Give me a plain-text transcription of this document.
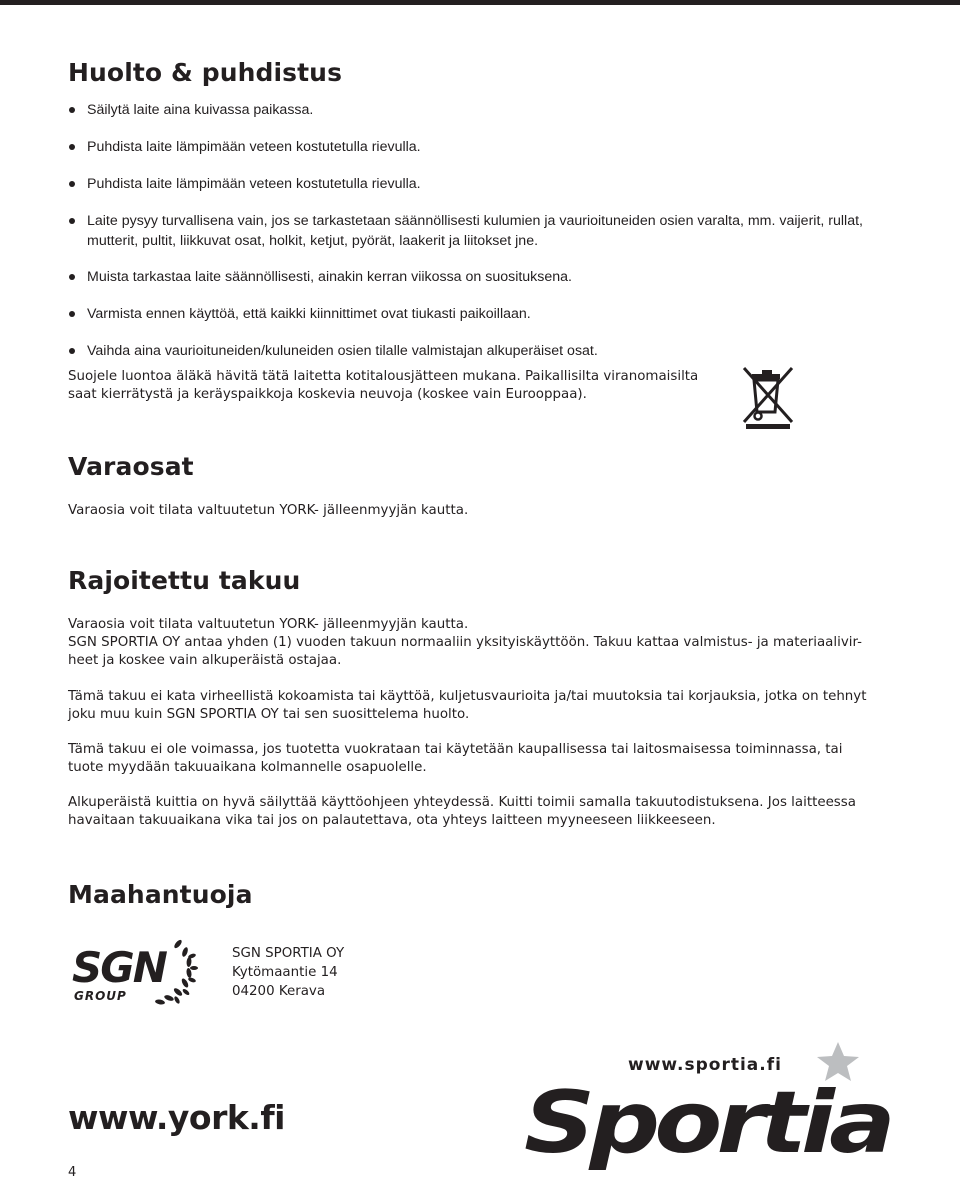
Huolto & puhdistus
Säilytä laite aina kuivassa paikassa.
Puhdista laite lämpimään veteen kostutetulla rievulla.
Puhdista laite lämpimään veteen kostutetulla rievulla.
Laite pysyy turvallisena vain, jos se tarkastetaan säännöllisesti kulumien ja vaurioituneiden osien varalta, mm. vaijerit, rullat, mutterit, pultit, liikkuvat osat, holkit, ketjut, pyörät, laakerit ja liitokset jne.
Muista tarkastaa laite säännöllisesti, ainakin kerran viikossa on suosituksena.
Varmista ennen käyttöä, että kaikki kiinnittimet ovat tiukasti paikoillaan.
Vaihda aina vaurioituneiden/kuluneiden osien tilalle valmistajan alkuperäiset osat.
Suojele luontoa äläkä hävitä tätä laitetta kotitalousjätteen mukana. Paikallisilta viranomaisilta
saat kierrätystä ja keräyspaikkoja koskevia neuvoja (koskee vain Eurooppaa).
Varaosat
Varaosia voit tilata valtuutetun YORK- jälleenmyyjän kautta.
Rajoitettu takuu
Varaosia voit tilata valtuutetun YORK- jälleenmyyjän kautta.
SGN SPORTIA OY antaa yhden (1) vuoden takuun normaaliin yksityiskäyttöön. Takuu kattaa valmistus- ja materiaalivir-
heet ja koskee vain alkuperäistä ostajaa.
Tämä takuu ei kata virheellistä kokoamista tai käyttöä, kuljetusvaurioita ja/tai muutoksia tai korjauksia, jotka on tehnyt
joku muu kuin SGN SPORTIA OY tai sen suosittelema huolto.
Tämä takuu ei ole voimassa, jos tuotetta vuokrataan tai käytetään kaupallisessa tai laitosmaisessa toiminnassa, tai
tuote myydään takuuaikana kolmannelle osapuolelle.
Alkuperäistä kuittia on hyvä säilyttää käyttöohjeen yhteydessä. Kuitti toimii samalla takuutodistuksena. Jos laitteessa
havaitaan takuuaikana vika tai jos on palautettava, ota yhteys laitteen myyneeseen liikkeeseen.
Maahantuoja
SGN
GROUP
SGN SPORTIA OY
Kytömaantie 14
04200 Kerava
www.sportia.fi
Sportia
www.york.fi
4
